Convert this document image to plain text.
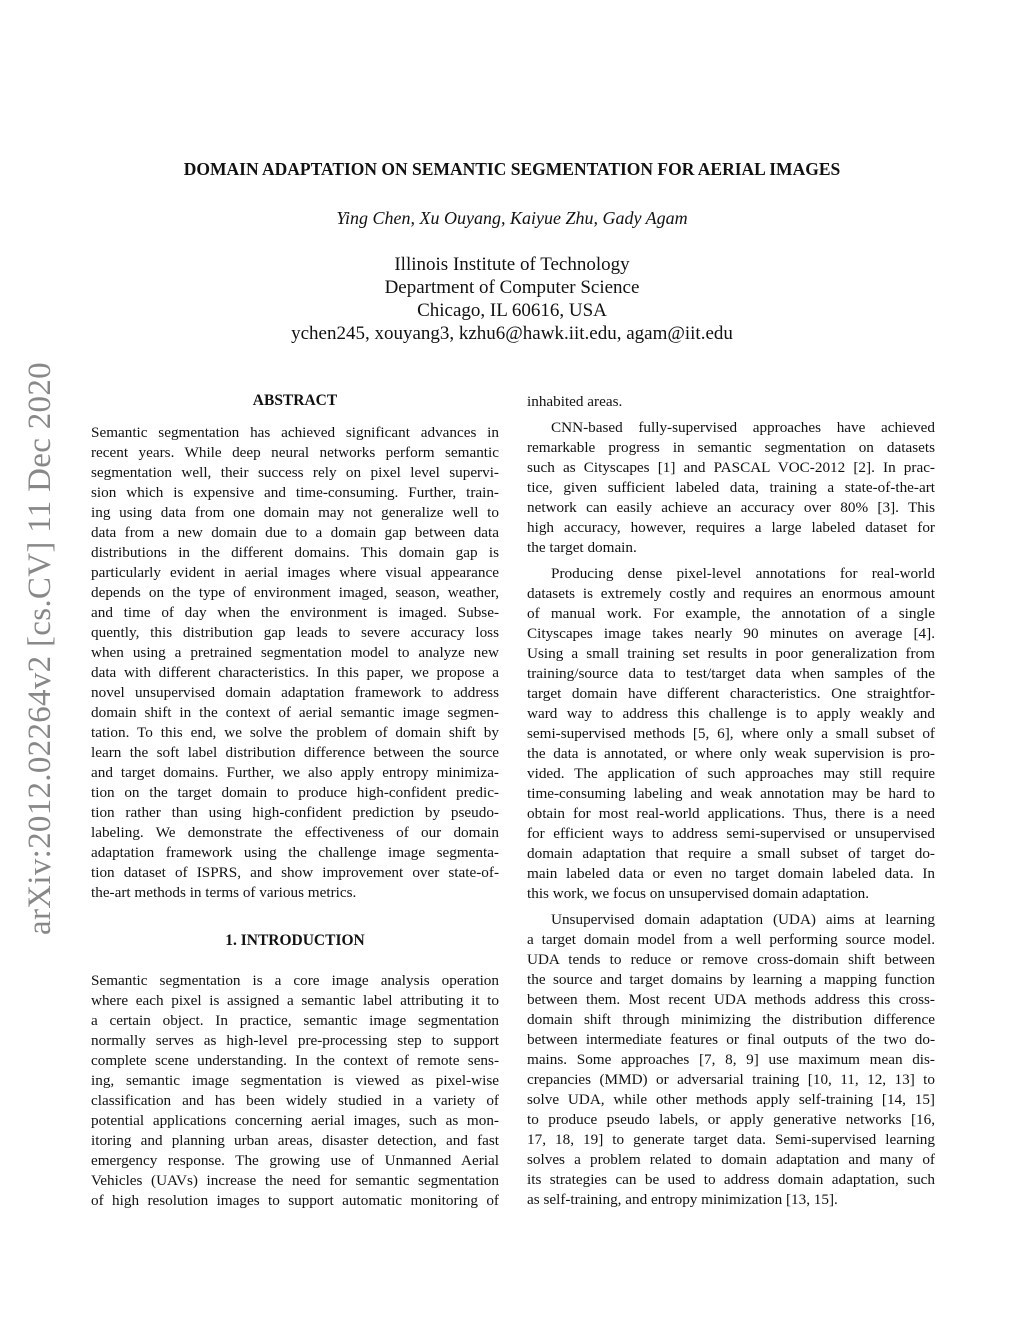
arXiv:2012.02264v2 [cs.CV] 11 Dec 2020
DOMAIN ADAPTATION ON SEMANTIC SEGMENTATION FOR AERIAL IMAGES
Ying Chen, Xu Ouyang, Kaiyue Zhu, Gady Agam
Illinois Institute of Technology
Department of Computer Science
Chicago, IL 60616, USA
ychen245, xouyang3, kzhu6@hawk.iit.edu, agam@iit.edu
ABSTRACT
Semantic segmentation has achieved significant advances in
recent years. While deep neural networks perform semantic
segmentation well, their success rely on pixel level supervi-
sion which is expensive and time-consuming. Further, train-
ing using data from one domain may not generalize well to
data from a new domain due to a domain gap between data
distributions in the different domains. This domain gap is
particularly evident in aerial images where visual appearance
depends on the type of environment imaged, season, weather,
and time of day when the environment is imaged. Subse-
quently, this distribution gap leads to severe accuracy loss
when using a pretrained segmentation model to analyze new
data with different characteristics. In this paper, we propose a
novel unsupervised domain adaptation framework to address
domain shift in the context of aerial semantic image segmen-
tation. To this end, we solve the problem of domain shift by
learn the soft label distribution difference between the source
and target domains. Further, we also apply entropy minimiza-
tion on the target domain to produce high-confident predic-
tion rather than using high-confident prediction by pseudo-
labeling. We demonstrate the effectiveness of our domain
adaptation framework using the challenge image segmenta-
tion dataset of ISPRS, and show improvement over state-of-
the-art methods in terms of various metrics.
1. INTRODUCTION
Semantic segmentation is a core image analysis operation
where each pixel is assigned a semantic label attributing it to
a certain object. In practice, semantic image segmentation
normally serves as high-level pre-processing step to support
complete scene understanding. In the context of remote sens-
ing, semantic image segmentation is viewed as pixel-wise
classification and has been widely studied in a variety of
potential applications concerning aerial images, such as mon-
itoring and planning urban areas, disaster detection, and fast
emergency response. The growing use of Unmanned Aerial
Vehicles (UAVs) increase the need for semantic segmentation
of high resolution images to support automatic monitoring of
inhabited areas.
CNN-based fully-supervised approaches have achieved
remarkable progress in semantic segmentation on datasets
such as Cityscapes [1] and PASCAL VOC-2012 [2]. In prac-
tice, given sufficient labeled data, training a state-of-the-art
network can easily achieve an accuracy over 80% [3]. This
high accuracy, however, requires a large labeled dataset for
the target domain.
Producing dense pixel-level annotations for real-world
datasets is extremely costly and requires an enormous amount
of manual work. For example, the annotation of a single
Cityscapes image takes nearly 90 minutes on average [4].
Using a small training set results in poor generalization from
training/source data to test/target data when samples of the
target domain have different characteristics. One straightfor-
ward way to address this challenge is to apply weakly and
semi-supervised methods [5, 6], where only a small subset of
the data is annotated, or where only weak supervision is pro-
vided. The application of such approaches may still require
time-consuming labeling and weak annotation may be hard to
obtain for most real-world applications. Thus, there is a need
for efficient ways to address semi-supervised or unsupervised
domain adaptation that require a small subset of target do-
main labeled data or even no target domain labeled data. In
this work, we focus on unsupervised domain adaptation.
Unsupervised domain adaptation (UDA) aims at learning
a target domain model from a well performing source model.
UDA tends to reduce or remove cross-domain shift between
the source and target domains by learning a mapping function
between them. Most recent UDA methods address this cross-
domain shift through minimizing the distribution difference
between intermediate features or final outputs of the two do-
mains. Some approaches [7, 8, 9] use maximum mean dis-
crepancies (MMD) or adversarial training [10, 11, 12, 13] to
solve UDA, while other methods apply self-training [14, 15]
to produce pseudo labels, or apply generative networks [16,
17, 18, 19] to generate target data. Semi-supervised learning
solves a problem related to domain adaptation and many of
its strategies can be used to address domain adaptation, such
as self-training, and entropy minimization [13, 15].
